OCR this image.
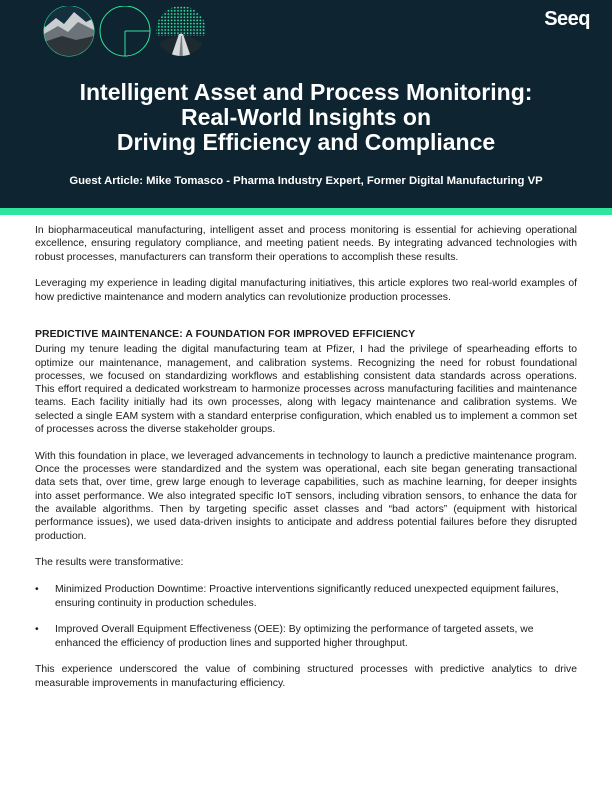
Seeq
Intelligent Asset and Process Monitoring:
Real-World Insights on
Driving Efficiency and Compliance
Guest Article: Mike Tomasco - Pharma Industry Expert, Former Digital Manufacturing VP

In biopharmaceutical manufacturing, intelligent asset and process monitoring is essential for achieving operational excellence, ensuring regulatory compliance, and meeting patient needs. By integrating advanced technologies with robust processes, manufacturers can transform their operations to accomplish these results.

Leveraging my experience in leading digital manufacturing initiatives, this article explores two real-world examples of how predictive maintenance and modern analytics can revolutionize production processes.

PREDICTIVE MAINTENANCE: A FOUNDATION FOR IMPROVED EFFICIENCY

During my tenure leading the digital manufacturing team at Pfizer, I had the privilege of spearheading efforts to optimize our maintenance, management, and calibration systems. Recognizing the need for robust foundational processes, we focused on standardizing workflows and establishing consistent data standards across operations. This effort required a dedicated workstream to harmonize processes across manufacturing facilities and maintenance teams. Each facility initially had its own processes, along with legacy maintenance and calibration systems. We selected a single EAM system with a standard enterprise configuration, which enabled us to implement a common set of processes across the diverse stakeholder groups.

With this foundation in place, we leveraged advancements in technology to launch a predictive maintenance program. Once the processes were standardized and the system was operational, each site began generating transactional data sets that, over time, grew large enough to leverage capabilities, such as machine learning, for deeper insights into asset performance. We also integrated specific IoT sensors, including vibration sensors, to enhance the data for the available algorithms. Then by targeting specific asset classes and “bad actors” (equipment with historical performance issues), we used data-driven insights to anticipate and address potential failures before they disrupted production.

The results were transformative:

• Minimized Production Downtime: Proactive interventions significantly reduced unexpected equipment failures, ensuring continuity in production schedules.
• Improved Overall Equipment Effectiveness (OEE): By optimizing the performance of targeted assets, we enhanced the efficiency of production lines and supported higher throughput.

This experience underscored the value of combining structured processes with predictive analytics to drive measurable improvements in manufacturing efficiency.
